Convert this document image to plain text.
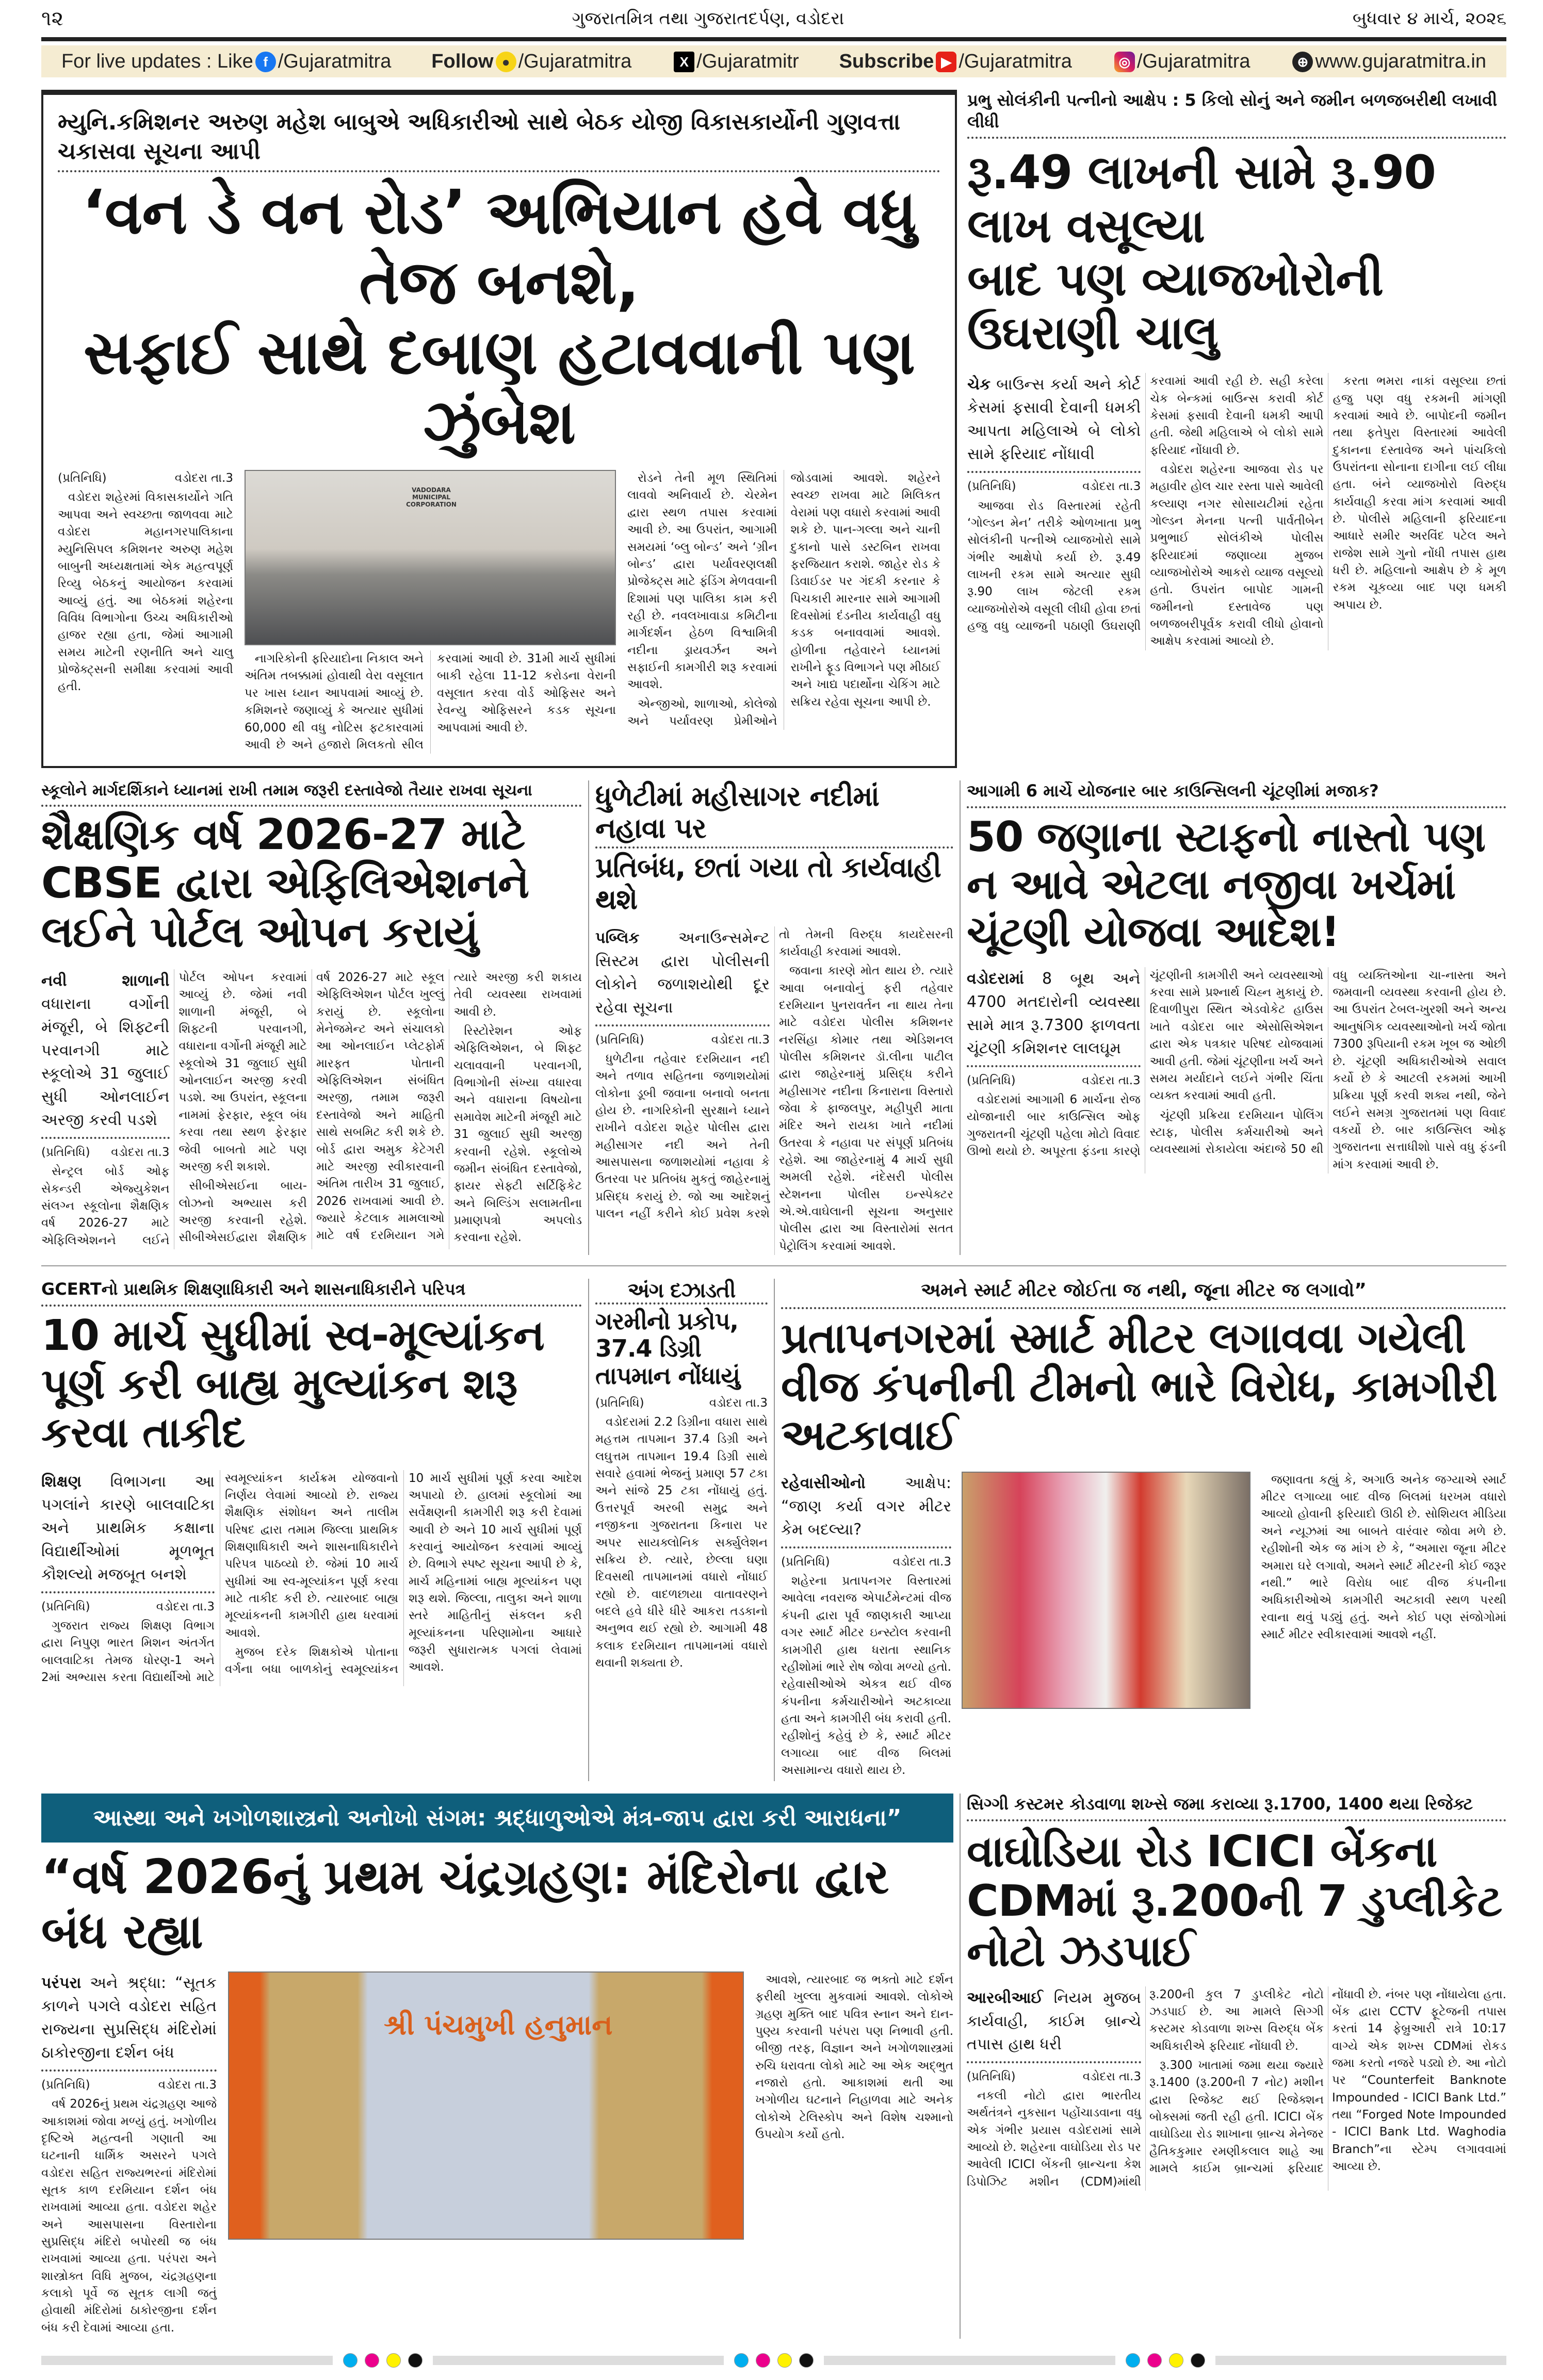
૧૨	ગુજરાતમિત્ર તથા ગુજરાતદર્પણ, વડોદરા	બુધવાર ૪ માર્ચ, ૨૦૨૬
For live updates : Like f /Gujaratmitra Follow ● /Gujaratmitra	X /Gujaratmitr Subscribe ▶ /Gujaratmitra	◎ /Gujaratmitra	⊕ www.gujaratmitra.in
મ્યુનિ.કમિશનર અરુણ મહેશ બાબુએ અધિકારીઓ સાથે બેઠક યોજી વિકાસકાર્યોની ગુણવત્તા ચકાસવા સૂચના આપી
‘વન ડે વન રોડ’ અભિયાન હવે વધુ તેજ બનશે,
સફાઈ સાથે દબાણ હટાવવાની પણ ઝુંબેશ

(પ્રતિનિધિ)	વડોદરા તા.3

વડોદરા શહેરમાં વિકાસકાર્યોને ગતિ આપવા અને સ્વચ્છતા જાળવવા માટે વડોદરા મહાનગરપાલિકાના મ્યુનિસિપલ કમિશનર અરુણ મહેશ બાબુની અધ્યક્ષતામાં એક મહત્વપૂર્ણ રિવ્યુ બેઠકનું આયોજન કરવામાં આવ્યું હતું. આ બેઠકમાં શહેરના વિવિધ વિભાગોના ઉચ્ચ અધિકારીઓ હાજર રહ્યા હતા, જેમાં આગામી સમય માટેની રણનીતિ અને ચાલુ પ્રોજેક્ટ્સની સમીક્ષા કરવામાં આવી હતી.

VADODARA MUNICIPAL CORPORATION

નાગરિકોની ફરિયાદોના નિકાલ અને અંતિમ તબક્કામાં હોવાથી વેરા વસૂલાત પર ખાસ ધ્યાન આપવામાં આવ્યું છે. કમિશનરે જણાવ્યું કે અત્યાર સુધીમાં 60,000 થી વધુ નોટિસ ફટકારવામાં આવી છે અને હજારો મિલકતો સીલ કરવામાં આવી છે. 31મી માર્ચ સુધીમાં બાકી રહેલા 11-12 કરોડના વેરાની વસૂલાત કરવા વોર્ડ ઓફિસર અને રેવન્યુ ઓફિસરને કડક સૂચના આપવામાં આવી છે.

રોડને તેની મૂળ સ્થિતિમાં લાવવો અનિવાર્ય છે. ચેરમેન દ્વારા સ્થળ તપાસ કરવામાં આવી છે. આ ઉપરાંત, આગામી સમયમાં ‘બ્લુ બોન્ડ’ અને ‘ગ્રીન બોન્ડ’ દ્વારા પર્યાવરણલક્ષી પ્રોજેક્ટ્સ માટે ફંડિંગ મેળવવાની દિશામાં પણ પાલિકા કામ કરી રહી છે. નવલખાવાડા કમિટીના માર્ગદર્શન હેઠળ વિશ્વામિત્રી નદીના ડ્રાયવર્ઝન અને સફાઈની કામગીરી શરૂ કરવામાં આવશે.

એન્જીઓ, શાળાઓ, કોલેજો અને પર્યાવરણ પ્રેમીઓને જોડવામાં આવશે. શહેરને સ્વચ્છ રાખવા માટે મિલિકત વેરામાં પણ વધારો કરવામાં આવી શકે છે. પાન-ગલ્લા અને ચાની દુકાનો પાસે ડસ્ટબિન રાખવા ફરજિયાત કરાશે. જાહેર રોડ કે ડિવાઈડર પર ગંદકી કરનાર કે પિચકારી મારનાર સામે આગામી દિવસોમાં દંડનીય કાર્યવાહી વધુ કડક બનાવવામાં આવશે. હોળીના તહેવારને ધ્યાનમાં રાખીને ફૂડ વિભાગને પણ મીઠાઈ અને ખાદ્ય પદાર્થોના ચેકિંગ માટે સક્રિય રહેવા સૂચના આપી છે.

પ્રભુ સોલંકીની પત્નીનો આક્ષેપ : 5 કિલો સોનું અને જમીન બળજબરીથી લખાવી લીધી
રૂ.49 લાખની સામે રૂ.90 લાખ વસૂલ્યા
બાદ પણ વ્યાજખોરોની ઉઘરાણી ચાલુ
ચેક બાઉન્સ કર્યા અને કોર્ટ કેસમાં ફસાવી દેવાની ધમકી આપતા મહિલાએ બે લોકો સામે ફરિયાદ નોંધાવી

(પ્રતિનિધિ)	વડોદરા તા.3

આજવા રોડ વિસ્તારમાં રહેતી ‘ગોલ્ડન મેન’ તરીકે ઓળખાતા પ્રભુ સોલંકીની પત્નીએ વ્યાજખોરો સામે ગંભીર આક્ષેપો કર્યા છે. રૂ.49 લાખની રકમ સામે અત્યાર સુધી રૂ.90 લાખ જેટલી રકમ વ્યાજખોરોએ વસૂલી લીધી હોવા છતાં હજુ વધુ વ્યાજની પઠાણી ઉઘરાણી કરવામાં આવી રહી છે. સહી કરેલા ચેક બેન્કમાં બાઉન્સ કરાવી કોર્ટ કેસમાં ફસાવી દેવાની ધમકી આપી હતી. જેથી મહિલાએ બે લોકો સામે ફરિયાદ નોંધાવી છે.

વડોદરા શહેરના આજવા રોડ પર મહાવીર હોલ ચાર રસ્તા પાસે આવેલી કલ્યાણ નગર સોસાયટીમાં રહેતા ગોલ્ડન મેનના પત્ની પાર્વતીબેન પ્રભુભાઈ સોલંકીએ પોલીસ ફરિયાદમાં જણાવ્યા મુજબ વ્યાજખોરોએ આકરો વ્યાજ વસૂલ્યો હતો. ઉપરાંત બાપોદ ગામની જમીનનો દસ્તાવેજ પણ બળજબરીપૂર્વક કરાવી લીધો હોવાનો આક્ષેપ કરવામાં આવ્યો છે.

કરતા ભમરા નાકાં વસૂલ્યા છતાં હજુ પણ વધુ રકમની માંગણી કરવામાં આવે છે. બાપોદની જમીન તથા ફતેપુરા વિસ્તારમાં આવેલી દુકાનના દસ્તાવેજ અને પાંચકિલો ઉપરાંતના સોનાના દાગીના લઈ લીધા હતા. બંને વ્યાજખોરો વિરુદ્ધ કાર્યવાહી કરવા માંગ કરવામાં આવી છે. પોલીસે મહિલાની ફરિયાદના આધારે સમીર અરવિંદ પટેલ અને રાજેશ સામે ગુનો નોંધી તપાસ હાથ ધરી છે. મહિલાનો આક્ષેપ છે કે મૂળ રકમ ચૂકવ્યા બાદ પણ ધમકી અપાય છે.

સ્કૂલોને માર્ગદર્શિકાને ધ્યાનમાં રાખી તમામ જરૂરી દસ્તાવેજો તૈયાર રાખવા સૂચના
શૈક્ષણિક વર્ષ 2026-27 માટે CBSE દ્વારા એફિલિએશનને લઈને પોર્ટલ ઓપન કરાયું
નવી શાળાની વધારાના વર્ગોની મંજૂરી, બે શિફ્ટની પરવાનગી માટે સ્કૂલોએ 31 જુલાઈ સુધી ઓનલાઈન અરજી કરવી પડશે

(પ્રતિનિધિ) વડોદરા તા.3

સેન્ટ્રલ બોર્ડ ઓફ સેકન્ડરી એજ્યુકેશન સંલગ્ન સ્કૂલોના શૈક્ષણિક વર્ષ 2026-27 માટે એફિલિએશનને લઈને પોર્ટલ ઓપન કરવામાં આવ્યું છે. જેમાં નવી શાળાની મંજૂરી, બે શિફ્ટની પરવાનગી, વધારાના વર્ગોની મંજૂરી માટે સ્કૂલોએ 31 જુલાઈ સુધી ઓનલાઈન અરજી કરવી પડશે. આ ઉપરાંત, સ્કૂલના નામમાં ફેરફાર, સ્કૂલ બંધ કરવા તથા સ્થળ ફેરફાર જેવી બાબતો માટે પણ અરજી કરી શકાશે.

સીબીએસઈના બાય-લોઝનો અભ્યાસ કરી અરજી કરવાની રહેશે. સીબીએસઈદ્વારા શૈક્ષણિક વર્ષ 2026-27 માટે સ્કૂલ એફિલિએશન પોર્ટલ ખુલ્લું કરાયું છે. સ્કૂલોના મેનેજમેન્ટ અને સંચાલકો આ ઓનલાઈન પ્લેટફોર્મ મારફત પોતાની એફિલિએશન સંબંધિત અરજી, તમામ જરૂરી દસ્તાવેજો અને માહિતી સાથે સબમિટ કરી શકે છે. બોર્ડ દ્વારા અમુક કેટેગરી માટે અરજી સ્વીકારવાની અંતિમ તારીખ 31 જુલાઈ, 2026 રાખવામાં આવી છે. જ્યારે કેટલાક મામલાઓ માટે વર્ષ દરમિયાન ગમે ત્યારે અરજી કરી શકાય તેવી વ્યવસ્થા રાખવામાં આવી છે.

રિસ્ટોરેશન ઓફ એફિલિએશન, બે શિફ્ટ ચલાવવાની પરવાનગી, વિભાગોની સંખ્યા વધારવા અને વધારાના વિષયોના સમાવેશ માટેની મંજૂરી માટે 31 જુલાઈ સુધી અરજી કરવાની રહેશે. સ્કૂલોએ જમીન સંબંધિત દસ્તાવેજો, ફાયર સેફ્ટી સર્ટિફિકેટ અને બિલ્ડિંગ સલામતીના પ્રમાણપત્રો અપલોડ કરવાના રહેશે.

ધુળેટીમાં મહીસાગર નદીમાં નહાવા પર
પ્રતિબંધ, છતાં ગયા તો કાર્યવાહી થશે
પબ્લિક	અનાઉન્સમેન્ટ સિસ્ટમ દ્વારા પોલીસની લોકોને જળાશયોથી દૂર રહેવા સૂચના

(પ્રતિનિધિ)	વડોદરા તા.3

ધુળેટીના તહેવાર દરમિયાન નદી અને તળાવ સહિતના જળાશયોમાં લોકોના ડૂબી જવાના બનાવો બનતા હોય છે. નાગરિકોની સુરક્ષાને ધ્યાને રાખીને વડોદરા શહેર પોલીસ દ્વારા મહીસાગર નદી અને તેની આસપાસના જળાશયોમાં નહાવા કે ઉતરવા પર પ્રતિબંધ મુકતું જાહેરનામું પ્રસિદ્ધ કરાયું છે. જો આ આદેશનું પાલન નહીં કરીને કોઈ પ્રવેશ કરશે તો તેમની વિરુદ્ધ કાયદેસરની કાર્યવાહી કરવામાં આવશે.

જવાના કારણે મોત થાય છે. ત્યારે આવા બનાવોનું ફરી તહેવાર દરમિયાન પુનરાવર્તન ના થાય તેના માટે વડોદરા પોલીસ કમિશનર નરસિંહા કોમાર તથા એડિશનલ પોલીસ કમિશનર ડૉ.લીના પાટીલ દ્વારા જાહેરનામું પ્રસિદ્ધ કરીને મહીસાગર નદીના કિનારાના વિસ્તારો જેવા કે ફાજલપુર, મહીપુરી માતા મંદિર અને રાયકા ખાતે નદીમાં ઉતરવા કે નહાવા પર સંપૂર્ણ પ્રતિબંધ રહેશે. આ જાહેરનામું 4 માર્ચ સુધી અમલી રહેશે. નંદેસરી પોલીસ સ્ટેશનના પોલીસ ઇન્સ્પેક્ટર એ.એ.વાઘેલાની સૂચના અનુસાર પોલીસ દ્વારા આ વિસ્તારોમાં સતત પેટ્રોલિંગ કરવામાં આવશે.

આગામી 6 માર્ચે યોજનાર બાર કાઉન્સિલની ચૂંટણીમાં મજાક?
50 જણાના સ્ટાફનો નાસ્તો પણ ન આવે એટલા નજીવા ખર્ચમાં ચૂંટણી યોજવા આદેશ!
વડોદરામાં 8 બૂથ અને 4700 મતદારોની વ્યવસ્થા સામે માત્ર રૂ.7300 ફાળવતા ચૂંટણી કમિશનર લાલઘૂમ

(પ્રતિનિધિ)	વડોદરા તા.3

વડોદરામાં આગામી 6 માર્ચના રોજ યોજાનારી બાર કાઉન્સિલ ઓફ ગુજરાતની ચૂંટણી પહેલા મોટો વિવાદ ઊભો થયો છે. અપૂરતા ફંડના કારણે ચૂંટણીની કામગીરી અને વ્યવસ્થાઓ કરવા સામે પ્રશ્નાર્થ ચિહ્ન મુકાયું છે. દિવાળીપુરા સ્થિત એડવોકેટ હાઉસ ખાતે વડોદરા બાર એસોસિએશન દ્વારા એક પત્રકાર પરિષદ યોજવામાં આવી હતી. જેમાં ચૂંટણીના ખર્ચ અને સમય મર્યાદાને લઈને ગંભીર ચિંતા વ્યક્ત કરવામાં આવી હતી.

ચૂંટણી પ્રક્રિયા દરમિયાન પોલિંગ સ્ટાફ, પોલીસ કર્મચારીઓ અને વ્યવસ્થામાં રોકાયેલા અંદાજે 50 થી વધુ વ્યક્તિઓના ચા-નાસ્તા અને જમવાની વ્યવસ્થા કરવાની હોય છે. આ ઉપરાંત ટેબલ-ખુરશી અને અન્ય આનુષંગિક વ્યવસ્થાઓનો ખર્ચ જોતા 7300 રૂપિયાની રકમ ખૂબ જ ઓછી છે. ચૂંટણી અધિકારીઓએ સવાલ કર્યો છે કે આટલી રકમમાં આખી પ્રક્રિયા પૂર્ણ કરવી શક્ય નથી, જેને લઈને સમગ્ર ગુજરાતમાં પણ વિવાદ વકર્યો છે. બાર કાઉન્સિલ ઓફ ગુજરાતના સત્તાધીશો પાસે વધુ ફંડની માંગ કરવામાં આવી છે.

GCERTનો પ્રાથમિક શિક્ષણાધિકારી અને શાસનાધિકારીને પરિપત્ર
10 માર્ચ સુધીમાં સ્વ-મૂલ્યાંકન પૂર્ણ કરી બાહ્ય મુલ્યાંકન શરૂ કરવા તાકીદ
શિક્ષણ વિભાગના આ પગલાંને કારણે બાલવાટિકા અને પ્રાથમિક કક્ષાના વિદ્યાર્થીઓમાં મૂળભૂત કૌશલ્યો મજબૂત બનશે

(પ્રતિનિધિ)	વડોદરા તા.3

ગુજરાત રાજ્ય શિક્ષણ વિભાગ દ્વારા નિપુણ ભારત મિશન અંતર્ગત બાલવાટિકા તેમજ ધોરણ-1 અને 2માં અભ્યાસ કરતા વિદ્યાર્થીઓ માટે સ્વમૂલ્યાંકન કાર્યક્રમ યોજવાનો નિર્ણય લેવામાં આવ્યો છે. રાજ્ય શૈક્ષણિક સંશોધન અને તાલીમ પરિષદ દ્વારા તમામ જિલ્લા પ્રાથમિક શિક્ષણાધિકારી અને શાસનાધિકારીને પરિપત્ર પાઠવ્યો છે. જેમાં 10 માર્ચ સુધીમાં આ સ્વ-મૂલ્યાંકન પૂર્ણ કરવા માટે તાકીદ કરી છે. ત્યારબાદ બાહ્ય મૂલ્યાંકનની કામગીરી હાથ ધરવામાં આવશે.

મુજબ દરેક શિક્ષકોએ પોતાના વર્ગના બધા બાળકોનું સ્વમૂલ્યાંકન 10 માર્ચ સુધીમાં પૂર્ણ કરવા આદેશ અપાયો છે. હાલમાં સ્કૂલોમાં આ સર્વેક્ષણની કામગીરી શરૂ કરી દેવામાં આવી છે અને 10 માર્ચ સુધીમાં પૂર્ણ કરવાનું આયોજન કરવામાં આવ્યું છે. વિભાગે સ્પષ્ટ સૂચના આપી છે કે, માર્ચ મહિનામાં બાહ્ય મૂલ્યાંકન પણ શરૂ થશે. જિલ્લા, તાલુકા અને શાળા સ્તરે માહિતીનું સંકલન કરી મૂલ્યાંકનના પરિણામોના આધારે જરૂરી સુધારાત્મક પગલાં લેવામાં આવશે.

અંગ દઝાડતી
ગરમીનો પ્રકોપ, 37.4 ડિગ્રી તાપમાન નોંધાયું

(પ્રતિનિધિ)	વડોદરા તા.3

વડોદરામાં 2.2 ડિગ્રીના વધારા સાથે મહત્તમ તાપમાન 37.4 ડિગ્રી અને લઘુત્તમ તાપમાન 19.4 ડિગ્રી સાથે સવારે હવામાં ભેજનું પ્રમાણ 57 ટકા અને સાંજે 25 ટકા નોંધાયું હતું. ઉત્તરપૂર્વ અરબી સમુદ્ર અને નજીકના ગુજરાતના કિનારા પર અપર સાયક્લોનિક સર્ક્યુલેશન સક્રિય છે. ત્યારે, છેલ્લા ઘણા દિવસથી તાપમાનમાં વધારો નોંધાઈ રહ્યો છે. વાદળછાયા વાતાવરણને બદલે હવે ધીરે ધીરે આકરા તડકાનો અનુભવ થઈ રહ્યો છે. આગામી 48 કલાક દરમિયાન તાપમાનમાં વધારો થવાની શક્યતા છે.

અમને સ્માર્ટ મીટર જોઈતા જ નથી, જૂના મીટર જ લગાવો”
પ્રતાપનગરમાં સ્માર્ટ મીટર લગાવવા ગયેલી વીજ કંપનીની ટીમનો ભારે વિરોધ, કામગીરી અટકાવાઈ
રહેવાસીઓનો	આક્ષેપ: “જાણ કર્યા વગર મીટર કેમ બદલ્યા?

(પ્રતિનિધિ)	વડોદરા તા.3

શહેરના પ્રતાપનગર વિસ્તારમાં આવેલા નવરાજ એપાર્ટમેન્ટમાં વીજ કંપની દ્વારા પૂર્વ જાણકારી આપ્યા વગર સ્માર્ટ મીટર ઇન્સ્ટોલ કરવાની કામગીરી હાથ ધરાતા સ્થાનિક રહીશોમાં ભારે રોષ જોવા મળ્યો હતો. રહેવાસીઓએ એકત્ર થઈ વીજ કંપનીના કર્મચારીઓને અટકાવ્યા હતા અને કામગીરી બંધ કરાવી હતી. રહીશોનું કહેવું છે કે, સ્માર્ટ મીટર લગાવ્યા બાદ વીજ બિલમાં અસામાન્ય વધારો થાય છે.

જણાવતા કહ્યું કે, અગાઉ અનેક જગ્યાએ સ્માર્ટ મીટર લગાવ્યા બાદ વીજ બિલમાં ધરખમ વધારો આવ્યો હોવાની ફરિયાદો ઊઠી છે. સોશિયલ મીડિયા અને ન્યૂઝમાં આ બાબતે વારંવાર જોવા મળે છે. રહીશોની એક જ માંગ છે કે, “અમારા જૂના મીટર અમારા ઘરે લગાવો, અમને સ્માર્ટ મીટરની કોઈ જરૂર નથી.” ભારે વિરોધ બાદ વીજ કંપનીના અધિકારીઓએ કામગીરી અટકાવી સ્થળ પરથી રવાના થવું પડ્યું હતું. અને કોઈ પણ સંજોગોમાં સ્માર્ટ મીટર સ્વીકારવામાં આવશે નહીં.

આસ્થા અને ખગોળશાસ્ત્રનો અનોખો સંગમ: શ્રદ્ધાળુઓએ મંત્ર-જાપ દ્વારા કરી આરાધના”
“વર્ષ 2026નું પ્રથમ ચંદ્રગ્રહણ: મંદિરોના દ્વાર બંધ રહ્યા
પરંપરા અને શ્રદ્ધા: “સૂતક કાળને પગલે વડોદરા સહિત રાજ્યના સુપ્રસિદ્ધ મંદિરોમાં ઠાકોરજીના દર્શન બંધ

(પ્રતિનિધિ)	વડોદરા તા.3

વર્ષ 2026નું પ્રથમ ચંદ્રગ્રહણ આજે આકાશમાં જોવા મળ્યું હતું. ખગોળીય દૃષ્ટિએ મહત્વની ગણાતી આ ઘટનાની ધાર્મિક અસરને પગલે વડોદરા સહિત રાજ્યભરનાં મંદિરોમાં સૂતક કાળ દરમિયાન દર્શન બંધ રાખવામાં આવ્યા હતા. વડોદરા શહેર અને આસપાસના વિસ્તારોના સુપ્રસિદ્ધ મંદિરો બપોરથી જ બંધ રાખવામાં આવ્યા હતા. પરંપરા અને શાસ્ત્રોક્ત વિધિ મુજબ, ચંદ્રગ્રહણના કલાકો પૂર્વે જ સૂતક લાગી જતું હોવાથી મંદિરોમાં ઠાકોરજીના દર્શન બંધ કરી દેવામાં આવ્યા હતા.

શ્રી પંચમુખી હનુમાન

આવશે, ત્યારબાદ જ ભક્તો માટે દર્શન ફરીથી ખુલ્લા મુકવામાં આવશે. લોકોએ ગ્રહણ મુક્તિ બાદ પવિત્ર સ્નાન અને દાન-પુણ્ય કરવાની પરંપરા પણ નિભાવી હતી. બીજી તરફ, વિજ્ઞાન અને ખગોળશાસ્ત્રમાં રુચિ ધરાવતા લોકો માટે આ એક અદ્ભુત નજારો હતો. આકાશમાં થતી આ ખગોળીય ઘટનાને નિહાળવા માટે અનેક લોકોએ ટેલિસ્કોપ અને વિશેષ ચશ્માનો ઉપયોગ કર્યો હતો.

સિગ્ગી કસ્ટમર કોડવાળા શખ્સે જમા કરાવ્યા રૂ.1700, 1400 થયા રિજેક્ટ
વાઘોડિયા રોડ ICICI બેંકના CDMમાં રૂ.200ની 7 ડુપ્લીકેટ નોટો ઝડપાઈ
આરબીઆઈ નિયમ મુજબ કાર્યવાહી, કાઈમ બ્રાન્ચે તપાસ હાથ ધરી

(પ્રતિનિધિ)	વડોદરા તા.3

નકલી નોટો દ્વારા ભારતીય અર્થતંત્રને નુકસાન પહોંચાડવાના વધુ એક ગંભીર પ્રયાસ વડોદરામાં સામે આવ્યો છે. શહેરના વાઘોડિયા રોડ પર આવેલી ICICI બેંકની બ્રાન્ચના કેશ ડિપોઝિટ મશીન (CDM)માંથી રૂ.200ની કુલ 7 ડુપ્લીકેટ નોટો ઝડપાઈ છે. આ મામલે સિગ્ગી કસ્ટમર કોડવાળા શખ્સ વિરુદ્ધ બેંક અધિકારીએ ફરિયાદ નોંધાવી છે.

રૂ.300 ખાતામાં જમા થયા જ્યારે રૂ.1400 (રૂ.200ની 7 નોટ) મશીન દ્વારા રિજેક્ટ થઈ રિજેક્શન બોક્સમાં જતી રહી હતી. ICICI બેંક વાઘોડિયા રોડ શાખાના બ્રાન્ચ મેનેજર હૈતિકકુમાર રમણીકલાલ શાહે આ મામલે કાઈમ બ્રાન્ચમાં ફરિયાદ નોંધાવી છે. નંબર પણ નોંધાયેલા હતા. બેંક દ્વારા CCTV ફૂટેજની તપાસ કરતાં 14 ફેબ્રુઆરી રાત્રે 10:17 વાગ્યે એક શખ્સ CDMમાં રોકડ જમા કરતો નજરે પડ્યો છે. આ નોટો પર “Counterfeit Banknote Impounded - ICICI Bank Ltd.” તથા “Forged Note Impounded - ICICI Bank Ltd. Waghodia Branch”ના સ્ટેમ્પ લગાવવામાં આવ્યા છે.
